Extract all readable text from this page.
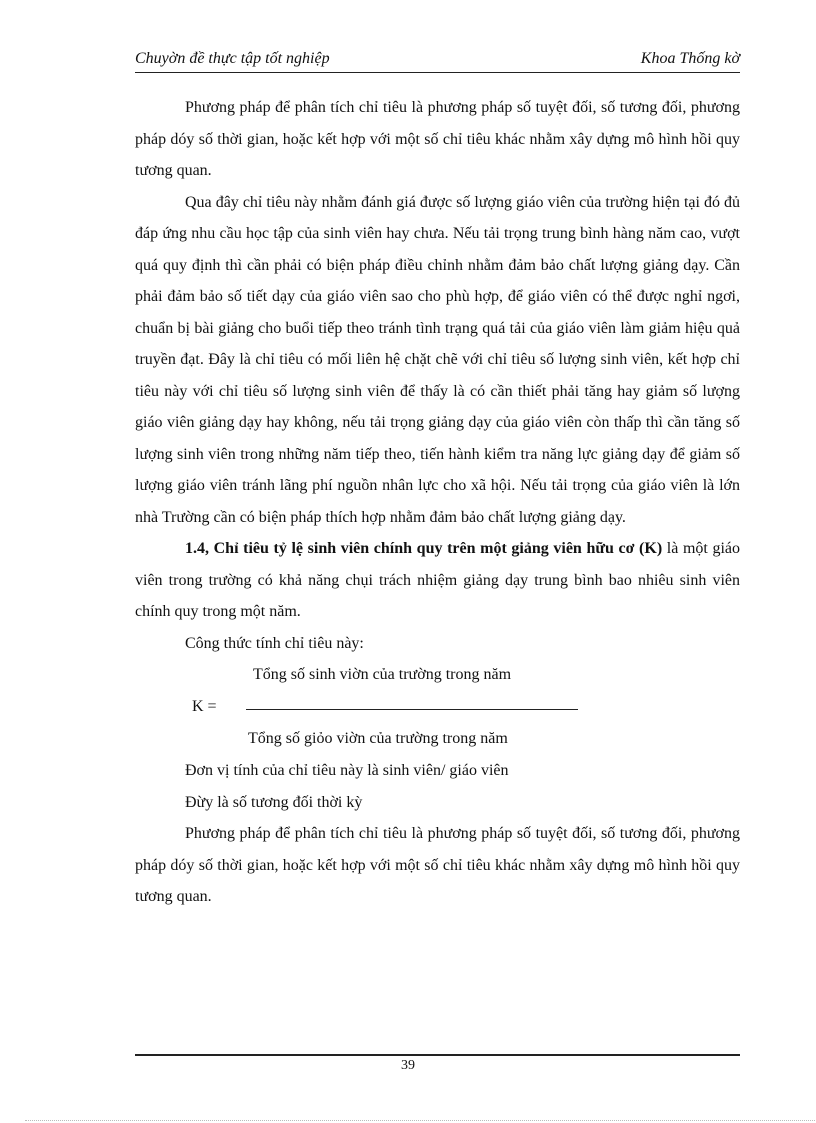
Chuyờn đề thực tập tốt nghiệp	Khoa Thống kờ

Phương pháp để phân tích chỉ tiêu là phương pháp số tuyệt đối, số tương đối, phương pháp dóy số thời gian, hoặc kết hợp với một số chỉ tiêu khác nhằm xây dựng mô hình hồi quy tương quan.

Qua đây chỉ tiêu này nhằm đánh giá được số lượng giáo viên của trường hiện tại đó đủ đáp ứng nhu cầu học tập của sinh viên hay chưa. Nếu tải trọng trung bình hàng năm cao, vượt quá quy định thì cần phải có biện pháp điều chỉnh nhằm đảm bảo chất lượng giảng dạy. Cần phải đảm bảo số tiết dạy của giáo viên sao cho phù hợp, để giáo viên có thể được nghỉ ngơi, chuẩn bị bài giảng cho buổi tiếp theo tránh tình trạng quá tải của giáo viên làm giảm hiệu quả truyền đạt. Đây là chỉ tiêu có mối liên hệ chặt chẽ với chỉ tiêu số lượng sinh viên, kết hợp chỉ tiêu này với chỉ tiêu số lượng sinh viên để thấy là có cần thiết phải tăng hay giảm số lượng giáo viên giảng dạy hay không, nếu tải trọng giảng dạy của giáo viên còn thấp thì cần tăng số lượng sinh viên trong những năm tiếp theo, tiến hành kiểm tra năng lực giảng dạy để giảm số lượng giáo viên tránh lãng phí nguồn nhân lực cho xã hội. Nếu tải trọng của giáo viên là lớn nhà Trường cần có biện pháp thích hợp nhằm đảm bảo chất lượng giảng dạy.

1.4, Chỉ tiêu tỷ lệ sinh viên chính quy trên một giảng viên hữu cơ (K) là một giáo viên trong trường có khả năng chụi trách nhiệm giảng dạy trung bình bao nhiêu sinh viên chính quy trong một năm.

Công thức tính chỉ tiêu này:

Tổng số sinh viờn của trường trong năm
K =
Tổng số giỏo viờn của trường trong năm

Đơn vị tính của chỉ tiêu này là sinh viên/ giáo viên

Đừy là số tương đối thời kỳ

Phương pháp để phân tích chỉ tiêu là phương pháp số tuyệt đối, số tương đối, phương pháp dóy số thời gian, hoặc kết hợp với một số chỉ tiêu khác nhằm xây dựng mô hình hồi quy tương quan.

39
